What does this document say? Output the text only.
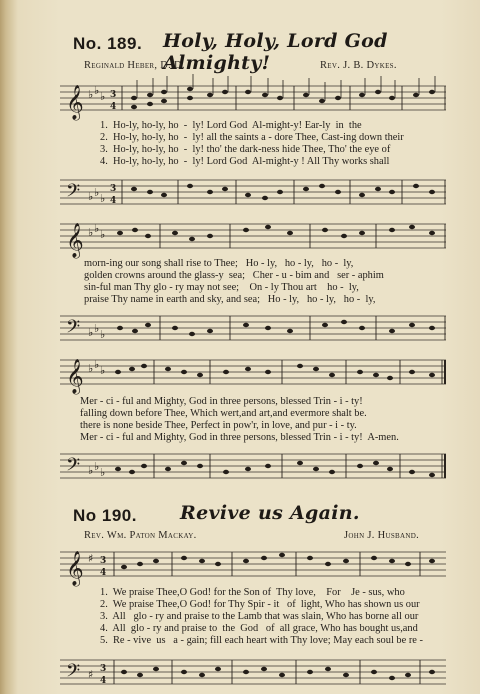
No. 189. Holy, Holy, Lord God Almighty!
Reginald Heber, D. D.	Rev. J. B. Dykes.
𝄞 ♭ ♭ ♭ 3
4
1.  Ho-ly, ho-ly, ho  -  ly! Lord God  Al-might-y! Ear-ly  in  the
2.  Ho-ly, ho-ly, ho  -  ly! all the saints a - dore Thee, Cast-ing down their
3.  Ho-ly, ho-ly, ho  -  ly! tho' the dark-ness hide Thee, Tho' the eye of
4.  Ho-ly, ho-ly, ho  -  ly! Lord God  Al-might-y ! All Thy works shall
𝄢 ♭ ♭ ♭
3
4
𝄞 ♭ ♭ ♭
morn-ing our song shall rise to Thee;   Ho - ly,   ho - ly,   ho -  ly,
golden crowns around the glass-y  sea;   Cher - u - bim and   ser - aphim
sin-ful man Thy glo - ry may not see;    On - ly Thou art    ho -  ly,
praise Thy name in earth and sky, and sea;   Ho - ly,   ho - ly,   ho -  ly,
𝄢 ♭ ♭ ♭
𝄞 ♭ ♭ ♭
Mer - ci - ful and Mighty, God in three persons, blessed Trin - i - ty!
falling down before Thee, Which wert,and art,and evermore shalt be.
there is none beside Thee, Perfect in pow'r, in love, and pur - i - ty.
Mer - ci - ful and Mighty, God in three persons, blessed Trin - i - ty!  A-men.
𝄢 ♭ ♭ ♭
No 190. Revive us Again.
Rev. Wm. Paton Mackay.	John J. Husband.
𝄞 ♯ 3
4
1.  We praise Thee,O God! for the Son of  Thy love,    For    Je - sus, who
2.  We praise Thee,O God! for Thy Spir - it   of  light, Who has shown us our
3.  All   glo - ry and praise to the Lamb that was slain, Who has borne all our
4.  All  glo - ry and praise to  the  God   of  all grace, Who has bought us,and
5.  Re - vive  us   a - gain; fill each heart with Thy love; May each soul be re -
𝄢 ♯ 3
4
